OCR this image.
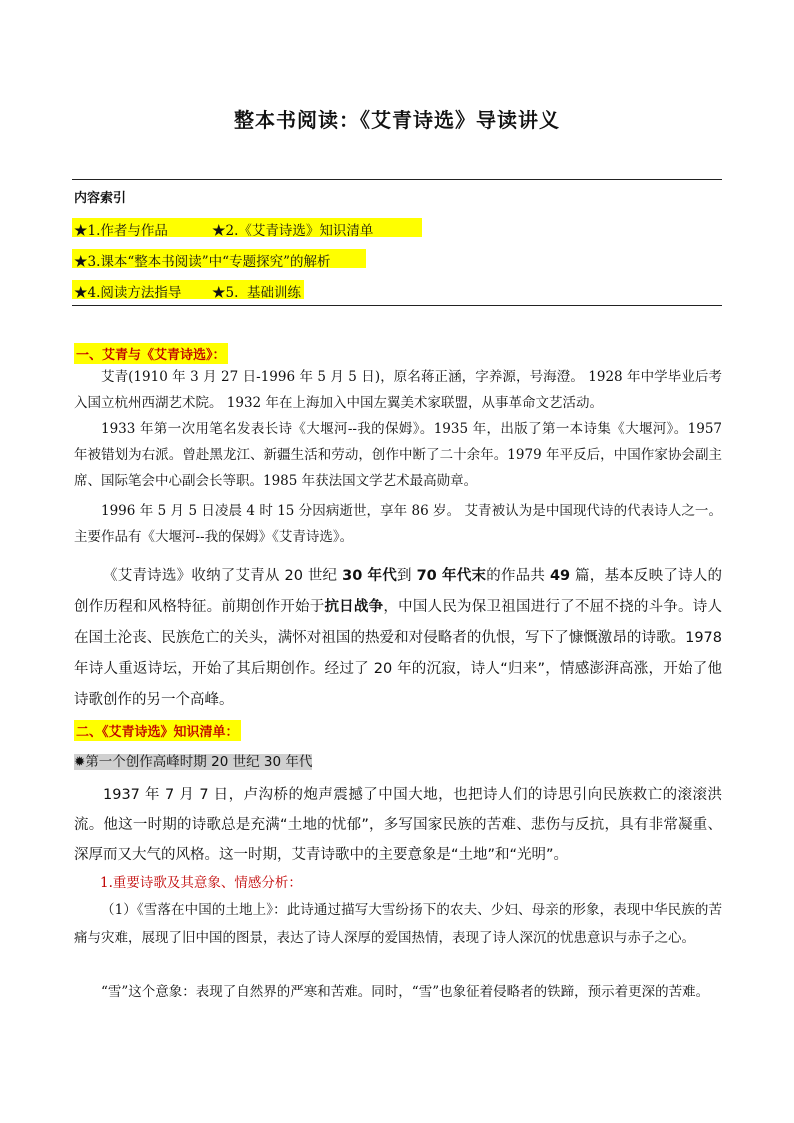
整本书阅读：《艾青诗选》导读讲义
内容索引
★1.作者与作品	★2.《艾青诗选》知识清单
★3.课本“整本书阅读”中“专题探究”的解析
★4.阅读方法指导 ★5.  基础训练
一、艾青与《艾青诗选》：

艾青(1910 年 3 月 27 日-1996 年 5 月 5 日)，原名蒋正涵，字养源，号海澄。 1928 年中学毕业后考入国立杭州西湖艺术院。 1932 年在上海加入中国左翼美术家联盟，从事革命文艺活动。

1933 年第一次用笔名发表长诗《大堰河--我的保姆》。1935 年，出版了第一本诗集《大堰河》。1957 年被错划为右派。曾赴黑龙江、新疆生活和劳动，创作中断了二十余年。1979 年平反后，中国作家协会副主席、国际笔会中心副会长等职。1985 年获法国文学艺术最高勋章。

1996 年 5 月 5 日凌晨 4 时 15 分因病逝世，享年 86 岁。 艾青被认为是中国现代诗的代表诗人之一。主要作品有《大堰河--我的保姆》《艾青诗选》。

《艾青诗选》收纳了艾青从 20 世纪 30 年代到 70 年代末的作品共 49 篇，基本反映了诗人的创作历程和风格特征。前期创作开始于抗日战争，中国人民为保卫祖国进行了不屈不挠的斗争。诗人在国土沦丧、民族危亡的关头，满怀对祖国的热爱和对侵略者的仇恨，写下了慷慨激昂的诗歌。1978 年诗人重返诗坛，开始了其后期创作。经过了 20 年的沉寂，诗人“归来”，情感澎湃高涨，开始了他诗歌创作的另一个高峰。

二、《艾青诗选》知识清单：
✹第一个创作高峰时期 20 世纪 30 年代

1937 年 7 月 7 日，卢沟桥的炮声震撼了中国大地，也把诗人们的诗思引向民族救亡的滚滚洪流。他这一时期的诗歌总是充满“土地的忧郁”，多写国家民族的苦难、悲伤与反抗，具有非常凝重、深厚而又大气的风格。这一时期，艾青诗歌中的主要意象是“土地”和“光明”。

1.重要诗歌及其意象、情感分析：

（1）《雪落在中国的土地上》：此诗通过描写大雪纷扬下的农夫、少妇、母亲的形象，表现中华民族的苦痛与灾难，展现了旧中国的图景，表达了诗人深厚的爱国热情，表现了诗人深沉的忧患意识与赤子之心。

“雪”这个意象：表现了自然界的严寒和苦难。同时，“雪”也象征着侵略者的铁蹄，预示着更深的苦难。
